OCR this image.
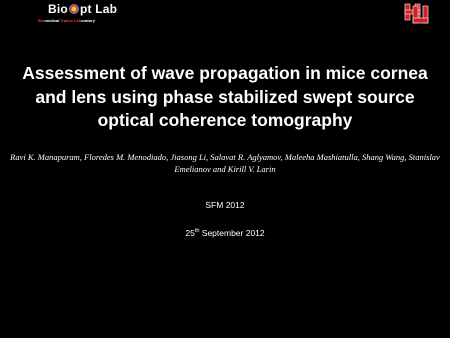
Bio pt Lab
Biomedical Optics Laboratory
Assessment of wave propagation in mice cornea and lens using phase stabilized swept source optical coherence tomography
Ravi K. Manapuram, Floredes M. Menodiado, Jiasong Li, Salavat R. Aglyamov, Maleeha Mashiatulla, Shang Wang, Stanislav Emelianov and Kirill V. Larin
SFM 2012
25th September 2012
